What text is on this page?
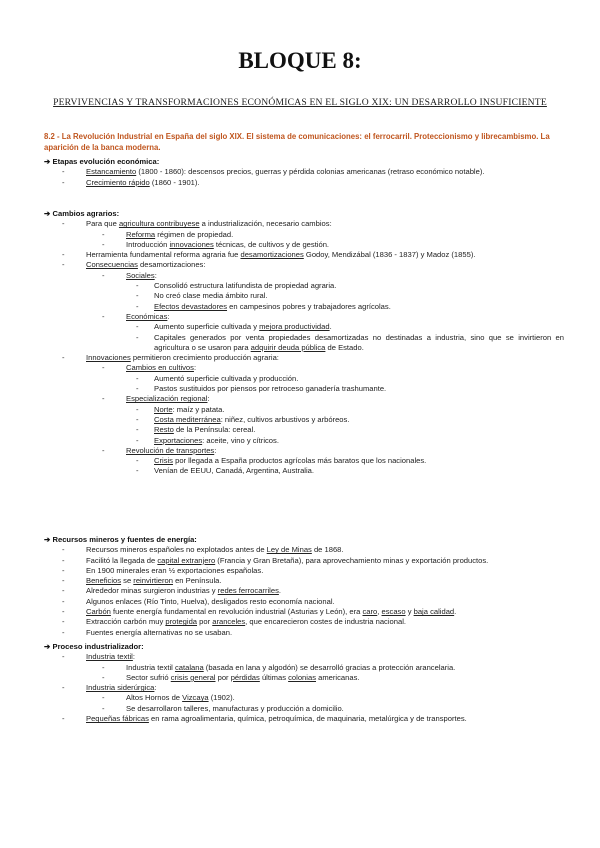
BLOQUE 8:
PERVIVENCIAS Y TRANSFORMACIONES ECONÓMICAS EN EL SIGLO XIX: UN DESARROLLO INSUFICIENTE
8.2 - La Revolución Industrial en España del siglo XIX. El sistema de comunicaciones: el ferrocarril. Proteccionismo y librecambismo. La aparición de la banca moderna.
➔ Etapas evolución económica:
-	Estancamiento (1800 - 1860): descensos precios, guerras y pérdida colonias americanas (retraso económico notable).
-	Crecimiento rápido (1860 - 1901).
➔ Cambios agrarios:
-	Para que agricultura contribuyese a industrialización, necesario cambios:
-	Reforma régimen de propiedad.
-	Introducción innovaciones técnicas, de cultivos y de gestión.
-	Herramienta fundamental reforma agraria fue desamortizaciones Godoy, Mendizábal (1836 - 1837) y Madoz (1855).
-	Consecuencias desamortizaciones:
-	Sociales:
- Consolidó estructura latifundista de propiedad agraria.
- No creó clase media ámbito rural.
- Efectos devastadores en campesinos pobres y trabajadores agrícolas.
-	Económicas:
- Aumento superficie cultivada y mejora productividad.
- Capitales generados por venta propiedades desamortizadas no destinadas a industria, sino que se invirtieron en agricultura o se usaron para adquirir deuda pública de Estado.
-	Innovaciones permitieron crecimiento producción agraria:
-	Cambios en cultivos:
- Aumentó superficie cultivada y producción.
- Pastos sustituidos por piensos por retroceso ganadería trashumante.
-	Especialización regional:
- Norte: maíz y patata.
- Costa mediterránea: niñez, cultivos arbustivos y arbóreos.
- Resto de la Península: cereal.
- Exportaciones: aceite, vino y cítricos.
-	Revolución de transportes:
- Crisis por llegada a España productos agrícolas más baratos que los nacionales.
- Venían de EEUU, Canadá, Argentina, Australia.
➔ Recursos mineros y fuentes de energía:
-	Recursos mineros españoles no explotados antes de Ley de Minas de 1868.
-	Facilitó la llegada de capital extranjero (Francia y Gran Bretaña), para aprovechamiento minas y exportación productos.
-	En 1900 minerales eran ½ exportaciones españolas.
-	Beneficios se reinvirtieron en Península.
-	Alrededor minas surgieron industrias y redes ferrocarriles.
-	Algunos enlaces (Río Tinto, Huelva), desligados resto economía nacional.
-	Carbón fuente energía fundamental en revolución industrial (Asturias y León), era caro, escaso y baja calidad.
-	Extracción carbón muy protegida por aranceles, que encarecieron costes de industria nacional.
-	Fuentes energía alternativas no se usaban.
➔ Proceso industrializador:
-	Industria textil:
-	Industria textil catalana (basada en lana y algodón) se desarrolló gracias a protección arancelaria.
-	Sector sufrió crisis general por pérdidas últimas colonias americanas.
-	Industria siderúrgica:
-	Altos Hornos de Vizcaya (1902).
-	Se desarrollaron talleres, manufacturas y producción a domicilio.
-	Pequeñas fábricas en rama agroalimentaria, química, petroquímica, de maquinaria, metalúrgica y de transportes.
